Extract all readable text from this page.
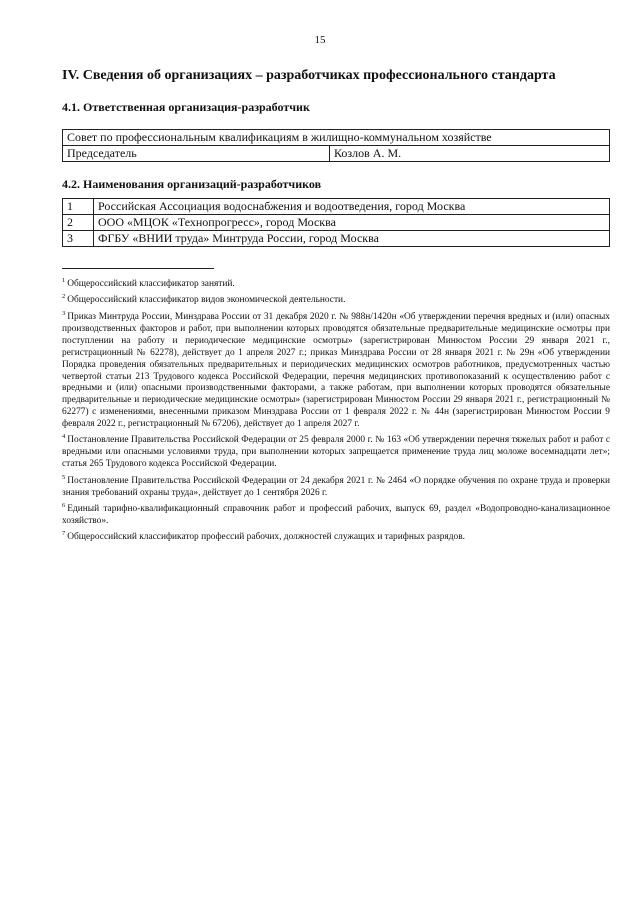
15
IV. Сведения об организациях – разработчиках профессионального стандарта
4.1. Ответственная организация-разработчик
Совет по профессиональным квалификациям в жилищно-коммунальном хозяйстве
Председатель	Козлов А. М.
4.2. Наименования организаций-разработчиков
1	Российская Ассоциация водоснабжения и водоотведения, город Москва
2	ООО «МЦОК «Технопрогресс», город Москва
3	ФГБУ «ВНИИ труда» Минтруда России, город Москва

$^1$ Общероссийский классификатор занятий.

$^2$ Общероссийский классификатор видов экономической деятельности.

$^3$ Приказ Минтруда России, Минздрава России от 31 декабря 2020 г. № 988н/1420н «Об утверждении перечня вредных и (или) опасных производственных факторов и работ, при выполнении которых проводятся обязательные предварительные медицинские осмотры при поступлении на работу и периодические медицинские осмотры» (зарегистрирован Минюстом России 29 января 2021 г., регистрационный № 62278), действует до 1 апреля 2027 г.; приказ Минздрава России от 28 января 2021 г. № 29н «Об утверждении Порядка проведения обязательных предварительных и периодических медицинских осмотров работников, предусмотренных частью четвертой статьи 213 Трудового кодекса Российской Федерации, перечня медицинских противопоказаний к осуществлению работ с вредными и (или) опасными производственными факторами, а также работам, при выполнении которых проводятся обязательные предварительные и периодические медицинские осмотры» (зарегистрирован Минюстом России 29 января 2021 г., регистрационный № 62277) с изменениями, внесенными приказом Минздрава России от 1 февраля 2022 г. № 44н (зарегистрирован Минюстом России 9 февраля 2022 г., регистрационный № 67206), действует до 1 апреля 2027 г.

$^4$ Постановление Правительства Российской Федерации от 25 февраля 2000 г. № 163 «Об утверждении перечня тяжелых работ и работ с вредными или опасными условиями труда, при выполнении которых запрещается применение труда лиц моложе восемнадцати лет»; статья 265 Трудового кодекса Российской Федерации.

$^5$ Постановление Правительства Российской Федерации от 24 декабря 2021 г. № 2464 «О порядке обучения по охране труда и проверки знания требований охраны труда», действует до 1 сентября 2026 г.

$^6$ Единый тарифно-квалификационный справочник работ и профессий рабочих, выпуск 69, раздел «Водопроводно-канализационное хозяйство».

$^7$ Общероссийский классификатор профессий рабочих, должностей служащих и тарифных разрядов.
